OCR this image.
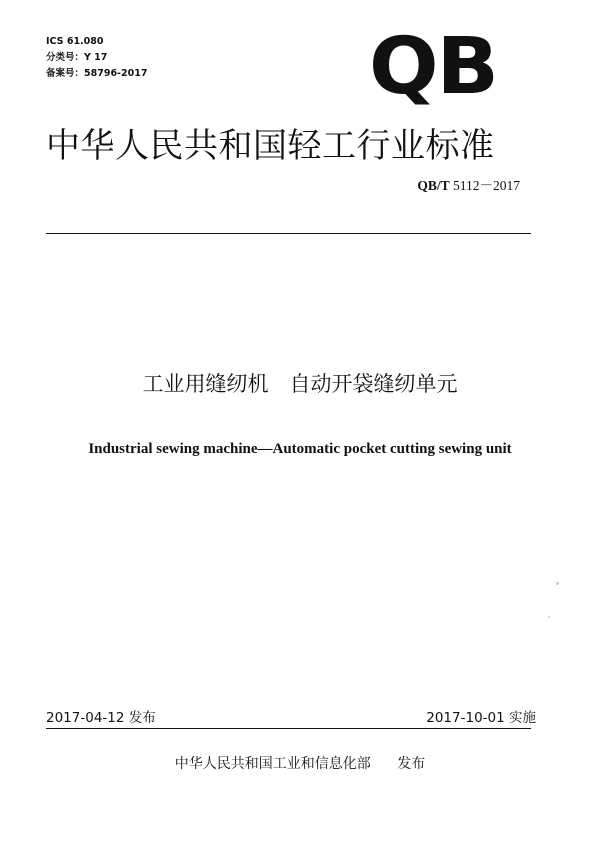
ICS 61.080
分类号：Y 17
备案号：58796-2017	QB
中华人民共和国轻工行业标准
QB/T 5112－2017
工业用缝纫机　自动开袋缝纫单元
Industrial sewing machine—Automatic pocket cutting sewing unit
2017-04-12 发布	2017-10-01 实施
中华人民共和国工业和信息化部 发布
